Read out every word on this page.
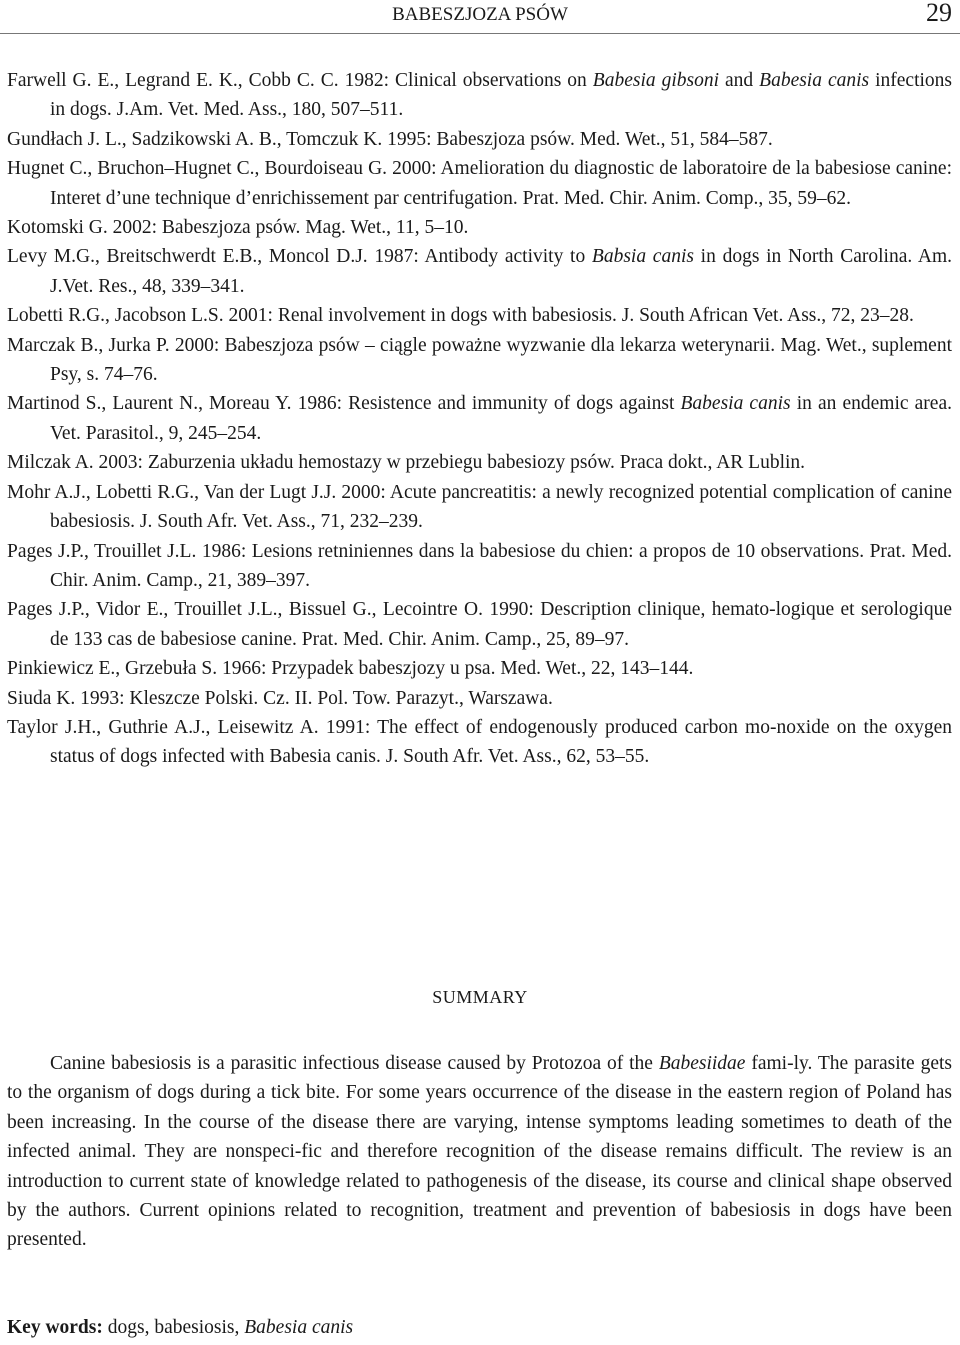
BABESZJOZA PSÓW	29

Farwell G. E., Legrand E. K., Cobb C. C. 1982: Clinical observations on Babesia gibsoni and Babesia canis infections in dogs. J.Am. Vet. Med. Ass., 180, 507–511.

Gundłach J. L., Sadzikowski A. B., Tomczuk K. 1995: Babeszjoza psów. Med. Wet., 51, 584–587.

Hugnet C., Bruchon–Hugnet C., Bourdoiseau G. 2000: Amelioration du diagnostic de laboratoire de la babesiose canine: Interet d’une technique d’enrichissement par centrifugation. Prat. Med. Chir. Anim. Comp., 35, 59–62.

Kotomski G. 2002: Babeszjoza psów. Mag. Wet., 11, 5–10.

Levy M.G., Breitschwerdt E.B., Moncol D.J. 1987: Antibody activity to Babsia canis in dogs in North Carolina. Am. J.Vet. Res., 48, 339–341.

Lobetti R.G., Jacobson L.S. 2001: Renal involvement in dogs with babesiosis. J. South African Vet. Ass., 72, 23–28.

Marczak B., Jurka P. 2000: Babeszjoza psów – ciągle poważne wyzwanie dla lekarza weterynarii. Mag. Wet., suplement Psy, s. 74–76.

Martinod S., Laurent N., Moreau Y. 1986: Resistence and immunity of dogs against Babesia canis in an endemic area. Vet. Parasitol., 9, 245–254.

Milczak A. 2003: Zaburzenia układu hemostazy w przebiegu babesiozy psów. Praca dokt., AR Lublin.

Mohr A.J., Lobetti R.G., Van der Lugt J.J. 2000: Acute pancreatitis: a newly recognized potential complication of canine babesiosis. J. South Afr. Vet. Ass., 71, 232–239.

Pages J.P., Trouillet J.L. 1986: Lesions retniniennes dans la babesiose du chien: a propos de 10 observations. Prat. Med. Chir. Anim. Camp., 21, 389–397.

Pages J.P., Vidor E., Trouillet J.L., Bissuel G., Lecointre O. 1990: Description clinique, hemato-logique et serologique de 133 cas de babesiose canine. Prat. Med. Chir. Anim. Camp., 25, 89–97.

Pinkiewicz E., Grzebuła S. 1966: Przypadek babeszjozy u psa. Med. Wet., 22, 143–144.

Siuda K. 1993: Kleszcze Polski. Cz. II. Pol. Tow. Parazyt., Warszawa.

Taylor J.H., Guthrie A.J., Leisewitz A. 1991: The effect of endogenously produced carbon mo-noxide on the oxygen status of dogs infected with Babesia canis. J. South Afr. Vet. Ass., 62, 53–55.

SUMMARY

Canine babesiosis is a parasitic infectious disease caused by Protozoa of the Babesiidae fami-ly. The parasite gets to the organism of dogs during a tick bite. For some years occurrence of the disease in the eastern region of Poland has been increasing. In the course of the disease there are varying, intense symptoms leading sometimes to death of the infected animal. They are nonspeci-fic and therefore recognition of the disease remains difficult. The review is an introduction to current state of knowledge related to pathogenesis of the disease, its course and clinical shape observed by the authors. Current opinions related to recognition, treatment and prevention of babesiosis in dogs have been presented.

Key words: dogs, babesiosis, Babesia canis
